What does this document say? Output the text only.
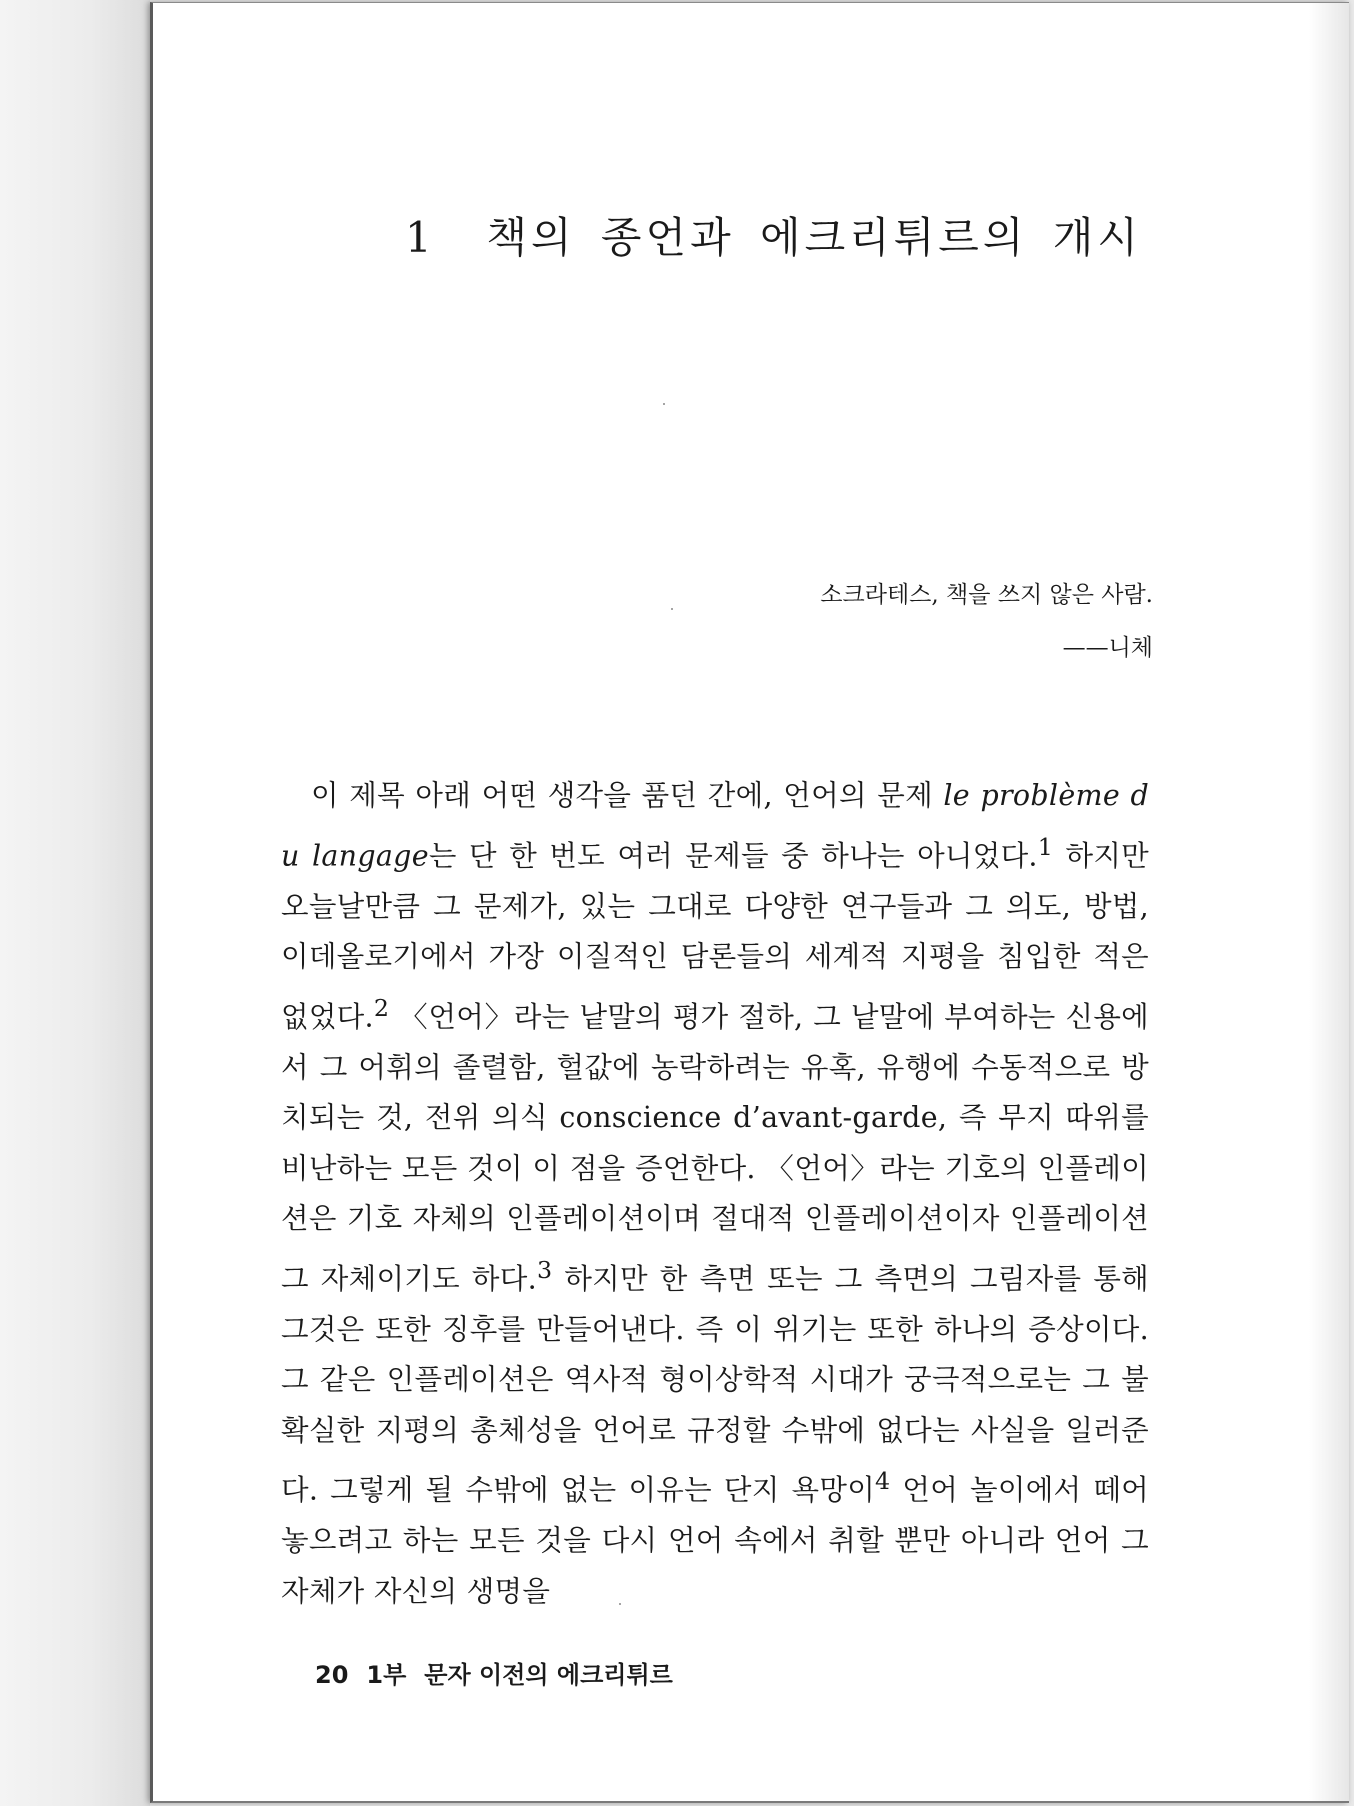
1 책의 종언과 에크리튀르의 개시
소크라테스, 책을 쓰지 않은 사람.
——니체

이 제목 아래 어떤 생각을 품던 간에, 언어의 문제 le problème du langage는 단 한 번도 여러 문제들 중 하나는 아니었다.$^1$ 하지만 오늘날만큼 그 문제가, 있는 그대로 다양한 연구들과 그 의도, 방법, 이데올로기에서 가장 이질적인 담론들의 세계적 지평을 침입한 적은 없었다.$^2$ 〈언어〉라는 낱말의 평가 절하, 그 낱말에 부여하는 신용에서 그 어휘의 졸렬함, 헐값에 농락하려는 유혹, 유행에 수동적으로 방치되는 것, 전위 의식 conscience d’avant-garde, 즉 무지 따위를 비난하는 모든 것이 이 점을 증언한다. 〈언어〉라는 기호의 인플레이션은 기호 자체의 인플레이션이며 절대적 인플레이션이자 인플레이션 그 자체이기도 하다.$^3$ 하지만 한 측면 또는 그 측면의 그림자를 통해 그것은 또한 징후를 만들어낸다. 즉 이 위기는 또한 하나의 증상이다. 그 같은 인플레이션은 역사적 형이상학적 시대가 궁극적으로는 그 불확실한 지평의 총체성을 언어로 규정할 수밖에 없다는 사실을 일러준다. 그렇게 될 수밖에 없는 이유는 단지 욕망이$^4$ 언어 놀이에서 떼어놓으려고 하는 모든 것을 다시 언어 속에서 취할 뿐만 아니라 언어 그 자체가 자신의 생명을

20 1부 문자 이전의 에크리튀르
